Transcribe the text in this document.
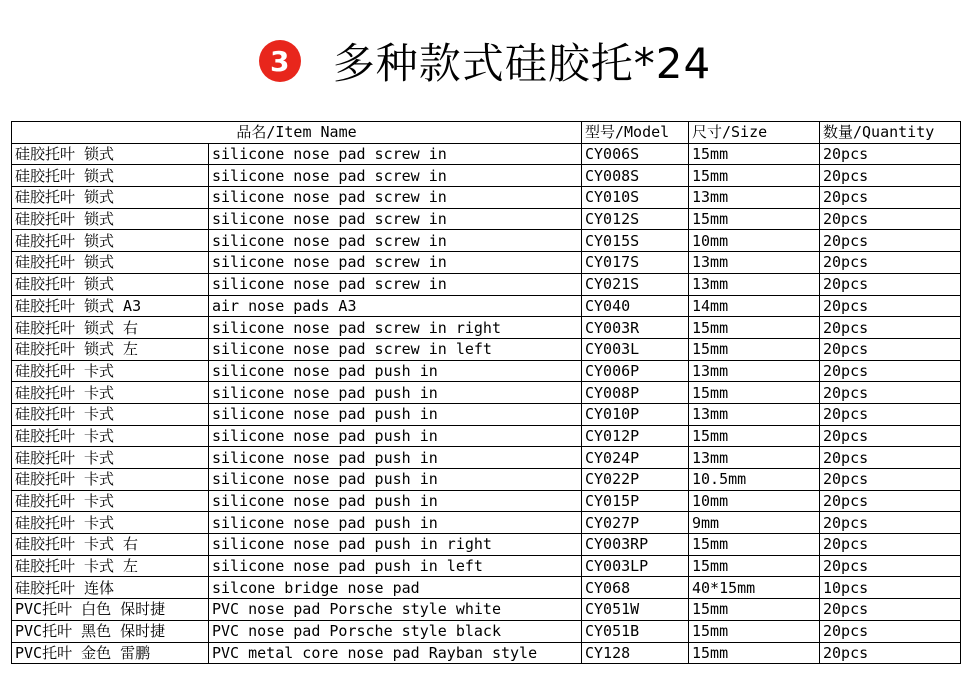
3 多种款式硅胶托*24
品名/Item Name		型号/Model	尺寸/Size	数量/Quantity
硅胶托叶 锁式	silicone nose pad screw in	CY006S	15mm	20pcs
硅胶托叶 锁式	silicone nose pad screw in	CY008S	15mm	20pcs
硅胶托叶 锁式	silicone nose pad screw in	CY010S	13mm	20pcs
硅胶托叶 锁式	silicone nose pad screw in	CY012S	15mm	20pcs
硅胶托叶 锁式	silicone nose pad screw in	CY015S	10mm	20pcs
硅胶托叶 锁式	silicone nose pad screw in	CY017S	13mm	20pcs
硅胶托叶 锁式	silicone nose pad screw in	CY021S	13mm	20pcs
硅胶托叶 锁式 A3	air nose pads A3	CY040	14mm	20pcs
硅胶托叶 锁式 右	silicone nose pad screw in right	CY003R	15mm	20pcs
硅胶托叶 锁式 左	silicone nose pad screw in left	CY003L	15mm	20pcs
硅胶托叶 卡式	silicone nose pad push in	CY006P	13mm	20pcs
硅胶托叶 卡式	silicone nose pad push in	CY008P	15mm	20pcs
硅胶托叶 卡式	silicone nose pad push in	CY010P	13mm	20pcs
硅胶托叶 卡式	silicone nose pad push in	CY012P	15mm	20pcs
硅胶托叶 卡式	silicone nose pad push in	CY024P	13mm	20pcs
硅胶托叶 卡式	silicone nose pad push in	CY022P	10.5mm	20pcs
硅胶托叶 卡式	silicone nose pad push in	CY015P	10mm	20pcs
硅胶托叶 卡式	silicone nose pad push in	CY027P	9mm	20pcs
硅胶托叶 卡式 右	silicone nose pad push in right	CY003RP	15mm	20pcs
硅胶托叶 卡式 左	silicone nose pad push in left	CY003LP	15mm	20pcs
硅胶托叶 连体	silcone bridge nose pad	CY068	40*15mm	10pcs
PVC托叶 白色 保时捷	PVC nose pad Porsche style white	CY051W	15mm	20pcs
PVC托叶 黑色 保时捷	PVC nose pad Porsche style black	CY051B	15mm	20pcs
PVC托叶 金色 雷鹏	PVC metal core nose pad Rayban style	CY128	15mm	20pcs
